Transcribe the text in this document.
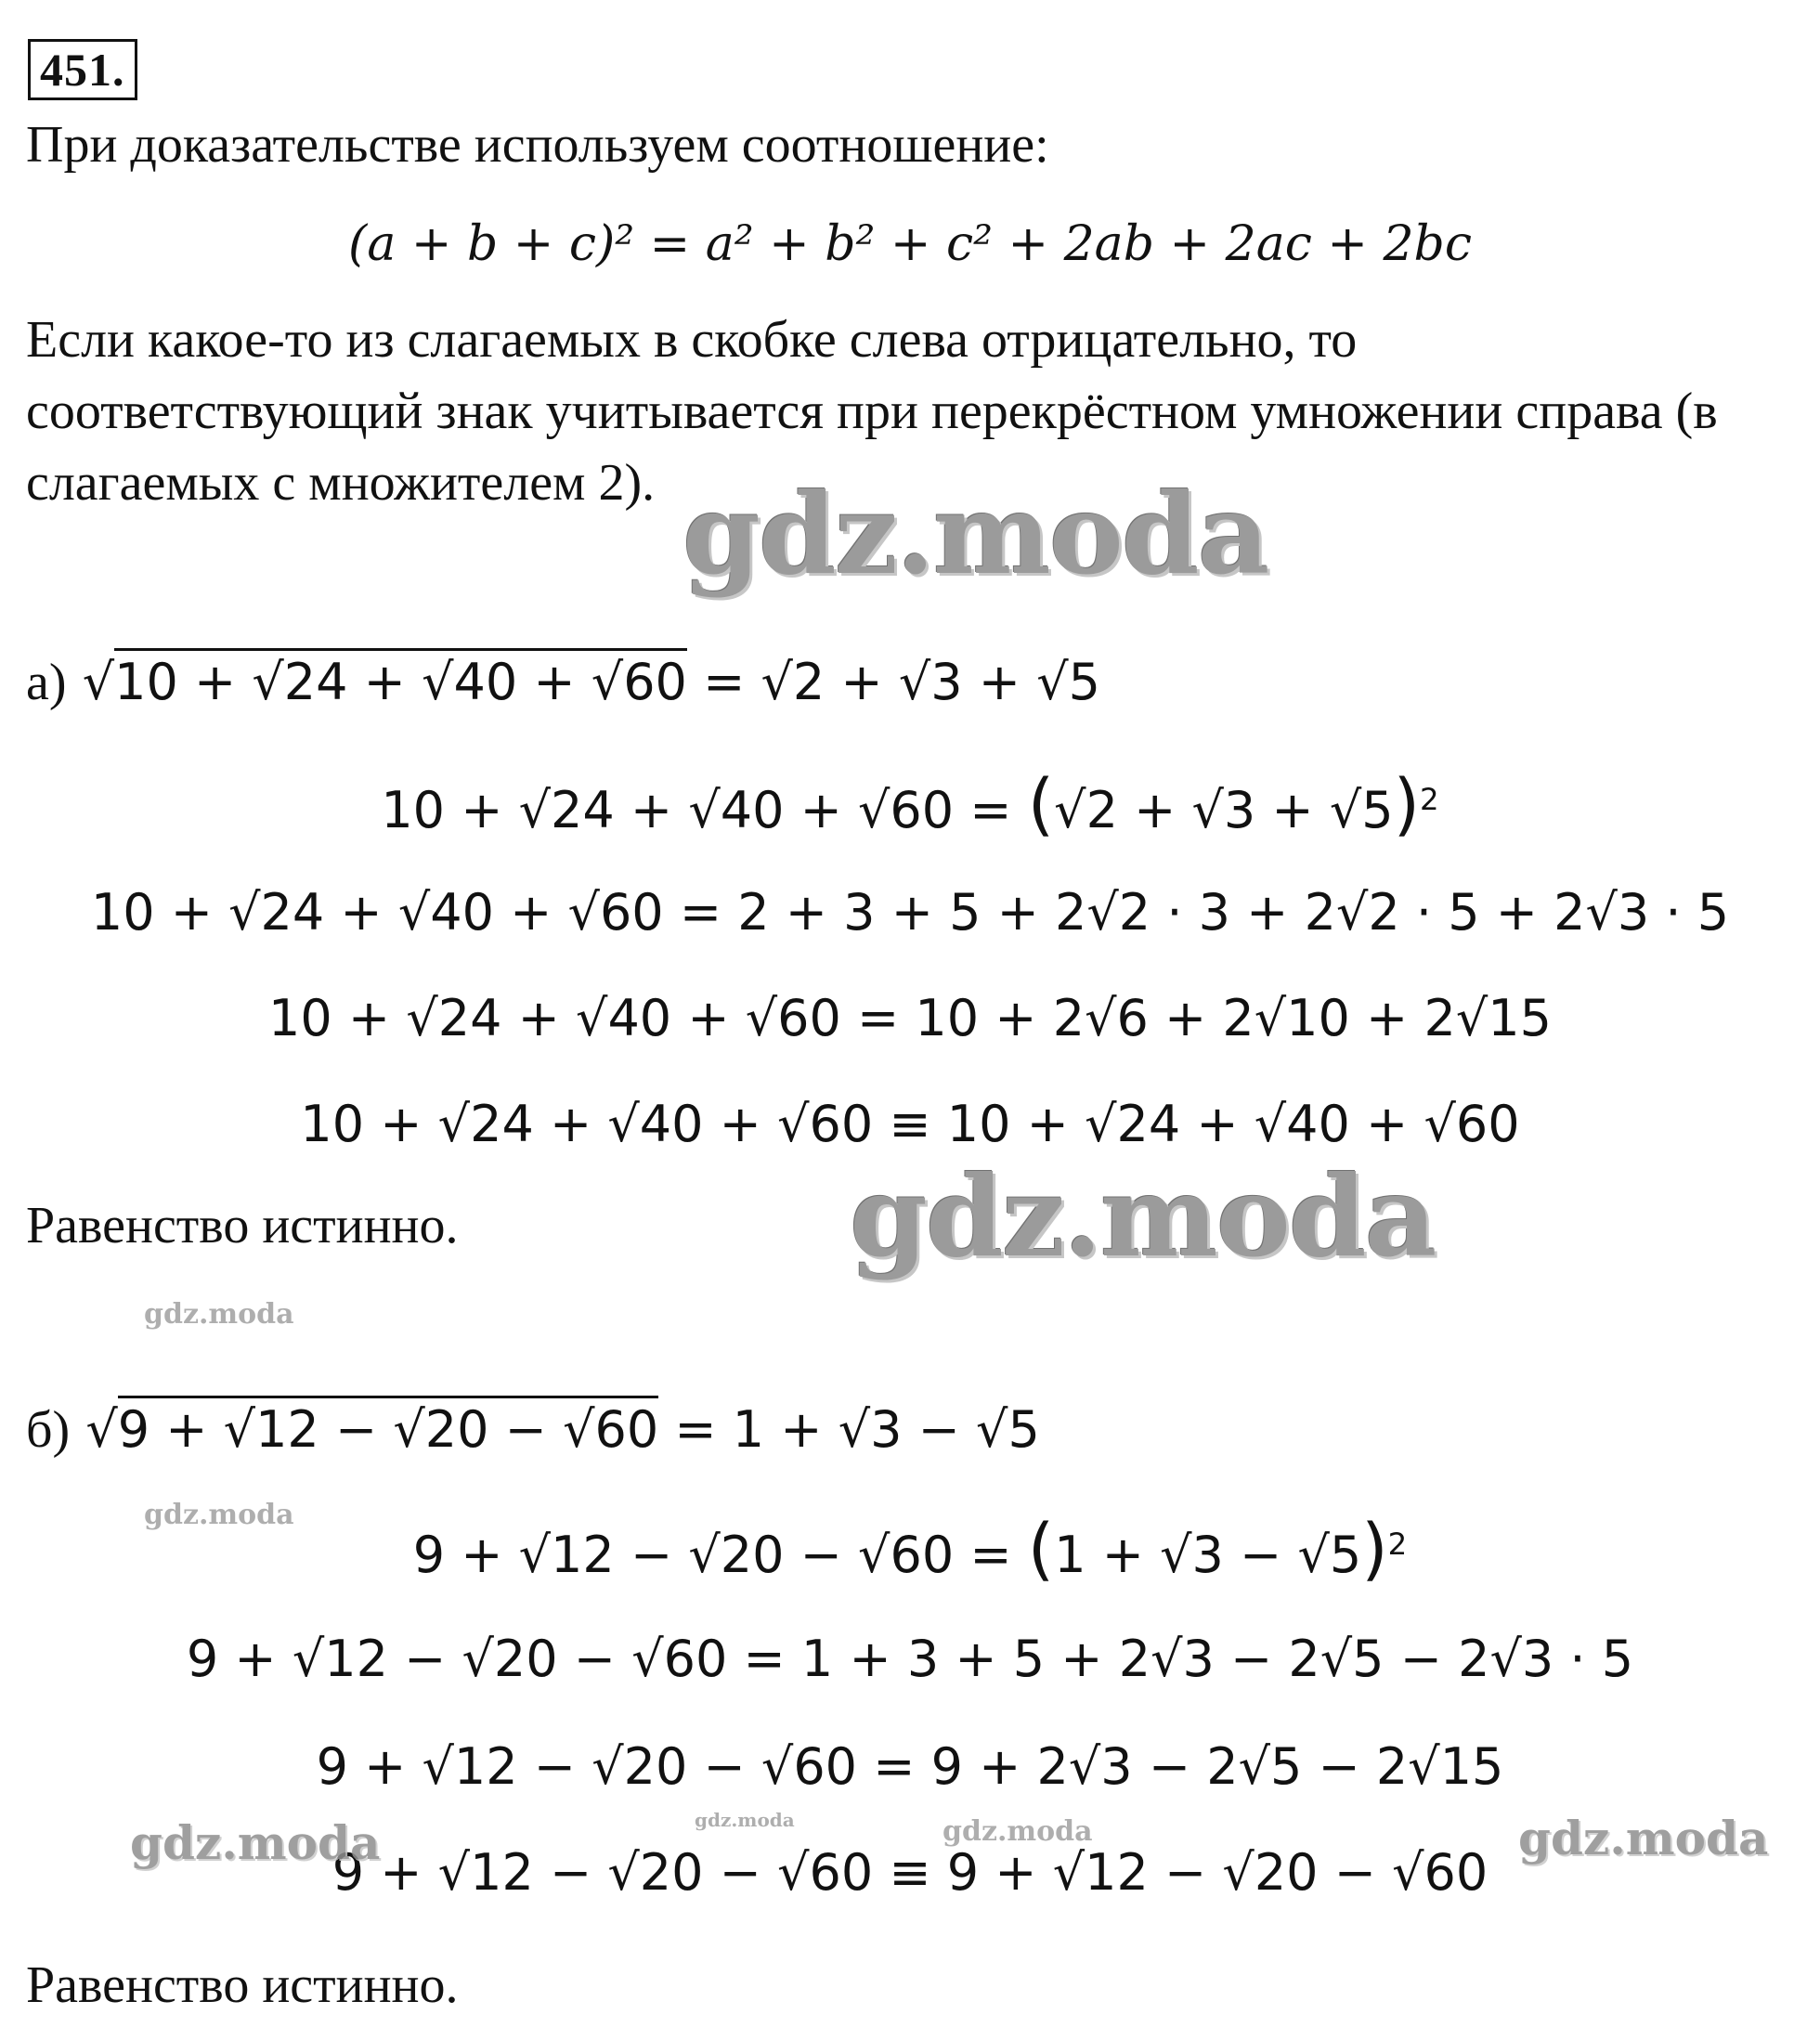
451.
При доказательстве используем соотношение:
(a + b + c)² = a² + b² + c² + 2ab + 2ac + 2bc
Если какое-то из слагаемых в скобке слева отрицательно, то
соответствующий знак учитывается при перекрёстном умножении справа (в
слагаемых с множителем 2).
а) √10 + √24 + √40 + √60 = √2 + √3 + √5
$10 + √24 + √40 + √60 = (√2 + √3 + √5)^2$
10 + √24 + √40 + √60 = 2 + 3 + 5 + 2√2 · 3 + 2√2 · 5 + 2√3 · 5
10 + √24 + √40 + √60 = 10 + 2√6 + 2√10 + 2√15
10 + √24 + √40 + √60 ≡ 10 + √24 + √40 + √60
Равенство истинно.
б) √9 + √12 − √20 − √60 = 1 + √3 − √5
$9 + √12 - √20 - √60 = (1 + √3 - √5)^2$
9 + √12 − √20 − √60 = 1 + 3 + 5 + 2√3 − 2√5 − 2√3 · 5
9 + √12 − √20 − √60 = 9 + 2√3 − 2√5 − 2√15
9 + √12 − √20 − √60 ≡ 9 + √12 − √20 − √60
Равенство истинно.
gdz.moda
gdz.moda
gdz.moda
gdz.moda
gdz.moda	gdz.moda	gdz.moda	gdz.moda
